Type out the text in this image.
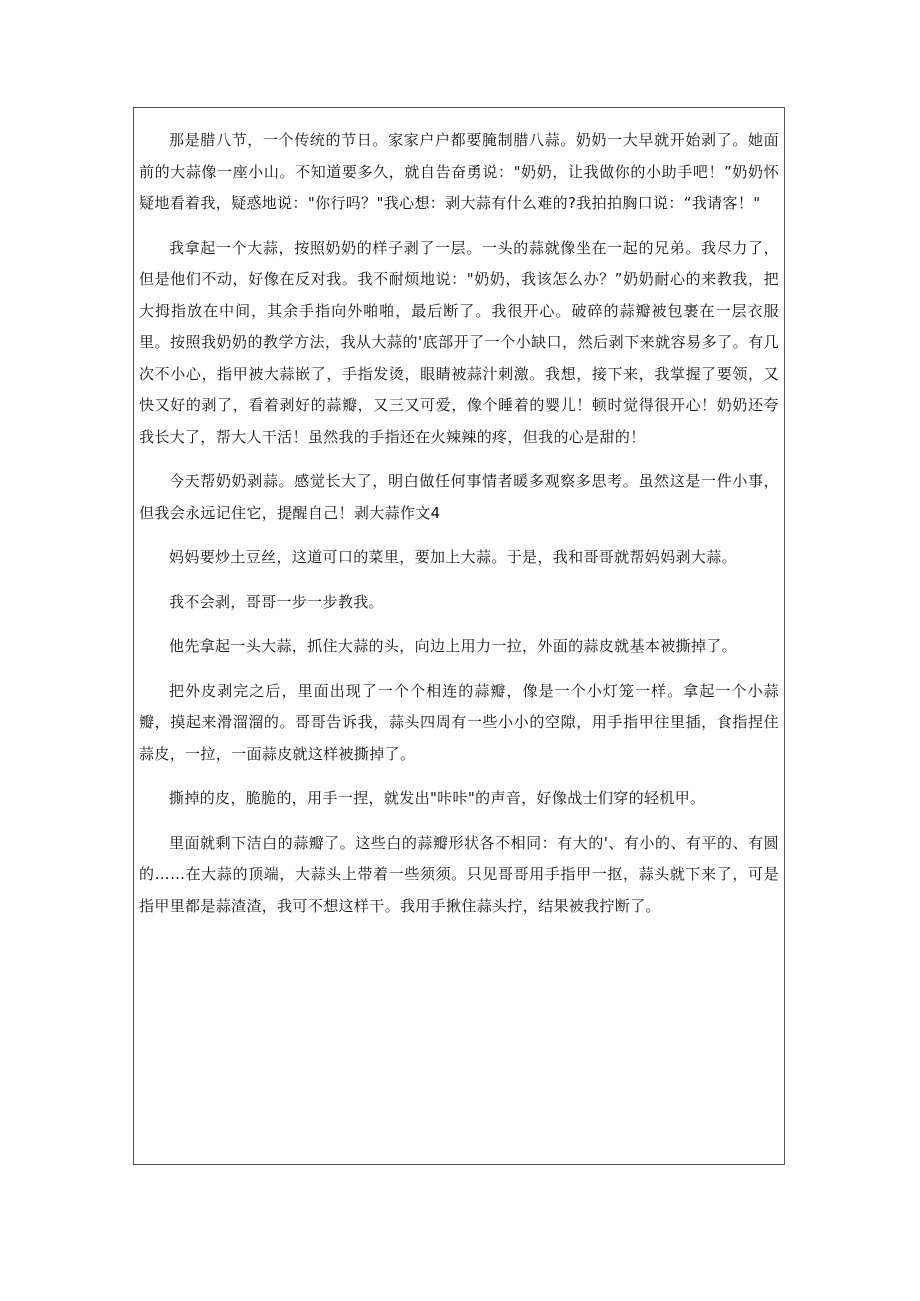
那是腊八节，一个传统的节日。家家户户都要腌制腊八蒜。奶奶一大早就开始剥了。她面前的大蒜像一座小山。不知道要多久，就自告奋勇说："奶奶，让我做你的小助手吧！”奶奶怀疑地看着我，疑惑地说："你行吗？"我心想：剥大蒜有什么难的?我拍拍胸口说：“我请客！"

我拿起一个大蒜，按照奶奶的样子剥了一层。一头的蒜就像坐在一起的兄弟。我尽力了，但是他们不动，好像在反对我。我不耐烦地说："奶奶，我该怎么办？”奶奶耐心的来教我，把大拇指放在中间，其余手指向外啪啪，最后断了。我很开心。破碎的蒜瓣被包裹在一层衣服里。按照我奶奶的教学方法，我从大蒜的'底部开了一个小缺口，然后剥下来就容易多了。有几次不小心，指甲被大蒜嵌了，手指发烫，眼睛被蒜汁刺激。我想，接下来，我掌握了要领，又快又好的剥了，看着剥好的蒜瓣，又三又可爱，像个睡着的婴儿！顿时觉得很开心！奶奶还夸我长大了，帮大人干活！虽然我的手指还在火辣辣的疼，但我的心是甜的！

今天帮奶奶剥蒜。感觉长大了，明白做任何事情者暖多观察多思考。虽然这是一件小事，但我会永远记住它，提醒自己！剥大蒜作文4

妈妈要炒土豆丝，这道可口的菜里，要加上大蒜。于是，我和哥哥就帮妈妈剥大蒜。

我不会剥，哥哥一步一步教我。

他先拿起一头大蒜，抓住大蒜的头，向边上用力一拉，外面的蒜皮就基本被撕掉了。

把外皮剥完之后，里面出现了一个个相连的蒜瓣，像是一个小灯笼一样。拿起一个小蒜瓣，摸起来滑溜溜的。哥哥告诉我，蒜头四周有一些小小的空隙，用手指甲往里插，食指捏住蒜皮，一拉，一面蒜皮就这样被撕掉了。

撕掉的皮，脆脆的，用手一捏，就发出"咔咔"的声音，好像战士们穿的轻机甲。

里面就剩下洁白的蒜瓣了。这些白的蒜瓣形状各不相同：有大的'、有小的、有平的、有圆的……在大蒜的顶端，大蒜头上带着一些须须。只见哥哥用手指甲一抠，蒜头就下来了，可是指甲里都是蒜渣渣，我可不想这样干。我用手揪住蒜头拧，结果被我拧断了。
